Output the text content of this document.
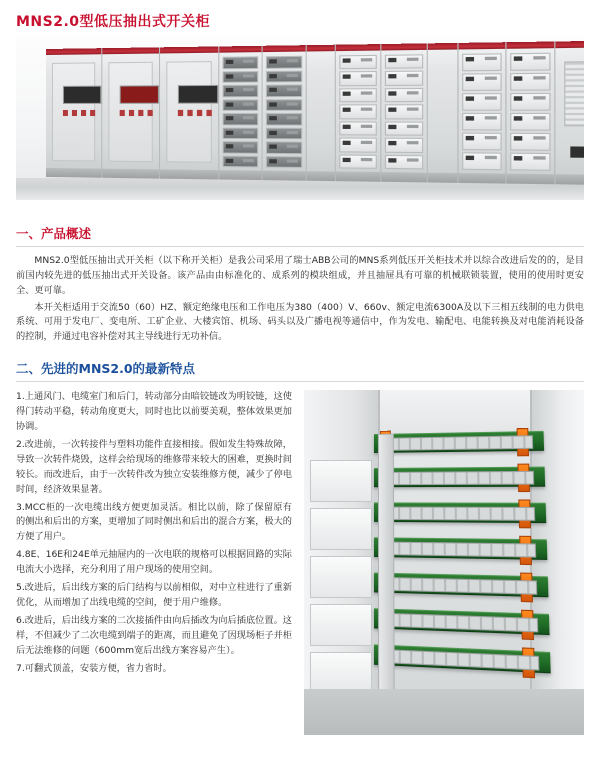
MNS2.0型低压抽出式开关柜
一、产品概述

MNS2.0型低压抽出式开关柜（以下称开关柜）是我公司采用了瑞士ABB公司的MNS系列低压开关柜技术并以综合改进后发的的，是目前国内较先进的低压抽出式开关设备。该产品由由标准化的、成系列的模块组成，并且抽屉具有可靠的机械联锁装置，使用的使用时更安全、更可靠。

本开关柜适用于交流50（60）HZ、额定绝缘电压和工作电压为380（400）V、660v、额定电流6300A及以下三相五线制的电力供电系统、可用于发电厂、变电所、工矿企业、大楼宾馆、机场、码头以及广播电视等通信中，作为发电、输配电、电能转换及对电能消耗设备的控制，并通过电容补偿对其主导线进行无功补信。

二、先进的MNS2.0的最新特点

1.上通风门、电缆室门和后门，转动部分由暗铰链改为明铰链，这使得门转动平稳，转动角度更大，同时也比以前要美观，整体效果更加协调。

2.改进前，一次转接件与塑料功能件直接相接。假如发生特殊故障，导致一次转件烧毁，这样会给现场的维修带来较大的困难，更换时间较长。而改进后，由于一次转件改为独立安装维修方便，减少了停电时间，经济效果显著。

3.MCC柜的一次电缆出线方便更加灵活。相比以前，除了保留原有的侧出和后出的方案，更增加了同时侧出和后出的混合方案，极大的方便了用户。

4.8E、16E和24E单元抽屉内的一次电联的规格可以根据回路的实际电流大小选择，充分利用了用户现场的使用空间。

5.改进后，后出线方案的后门结构与以前相似，对中立柱进行了重新优化，从而增加了出线电缆的空间，便于用户维修。

6.改进后，后出线方案的二次接插件由向后插改为向后插底位置。这样，不但减少了二次电缆到端子的距离，而且避免了因现场柜子并柜后无法维修的问题（600mm宽后出线方案容易产生）。

7.可翻式顶盖，安装方便，省力省时。
